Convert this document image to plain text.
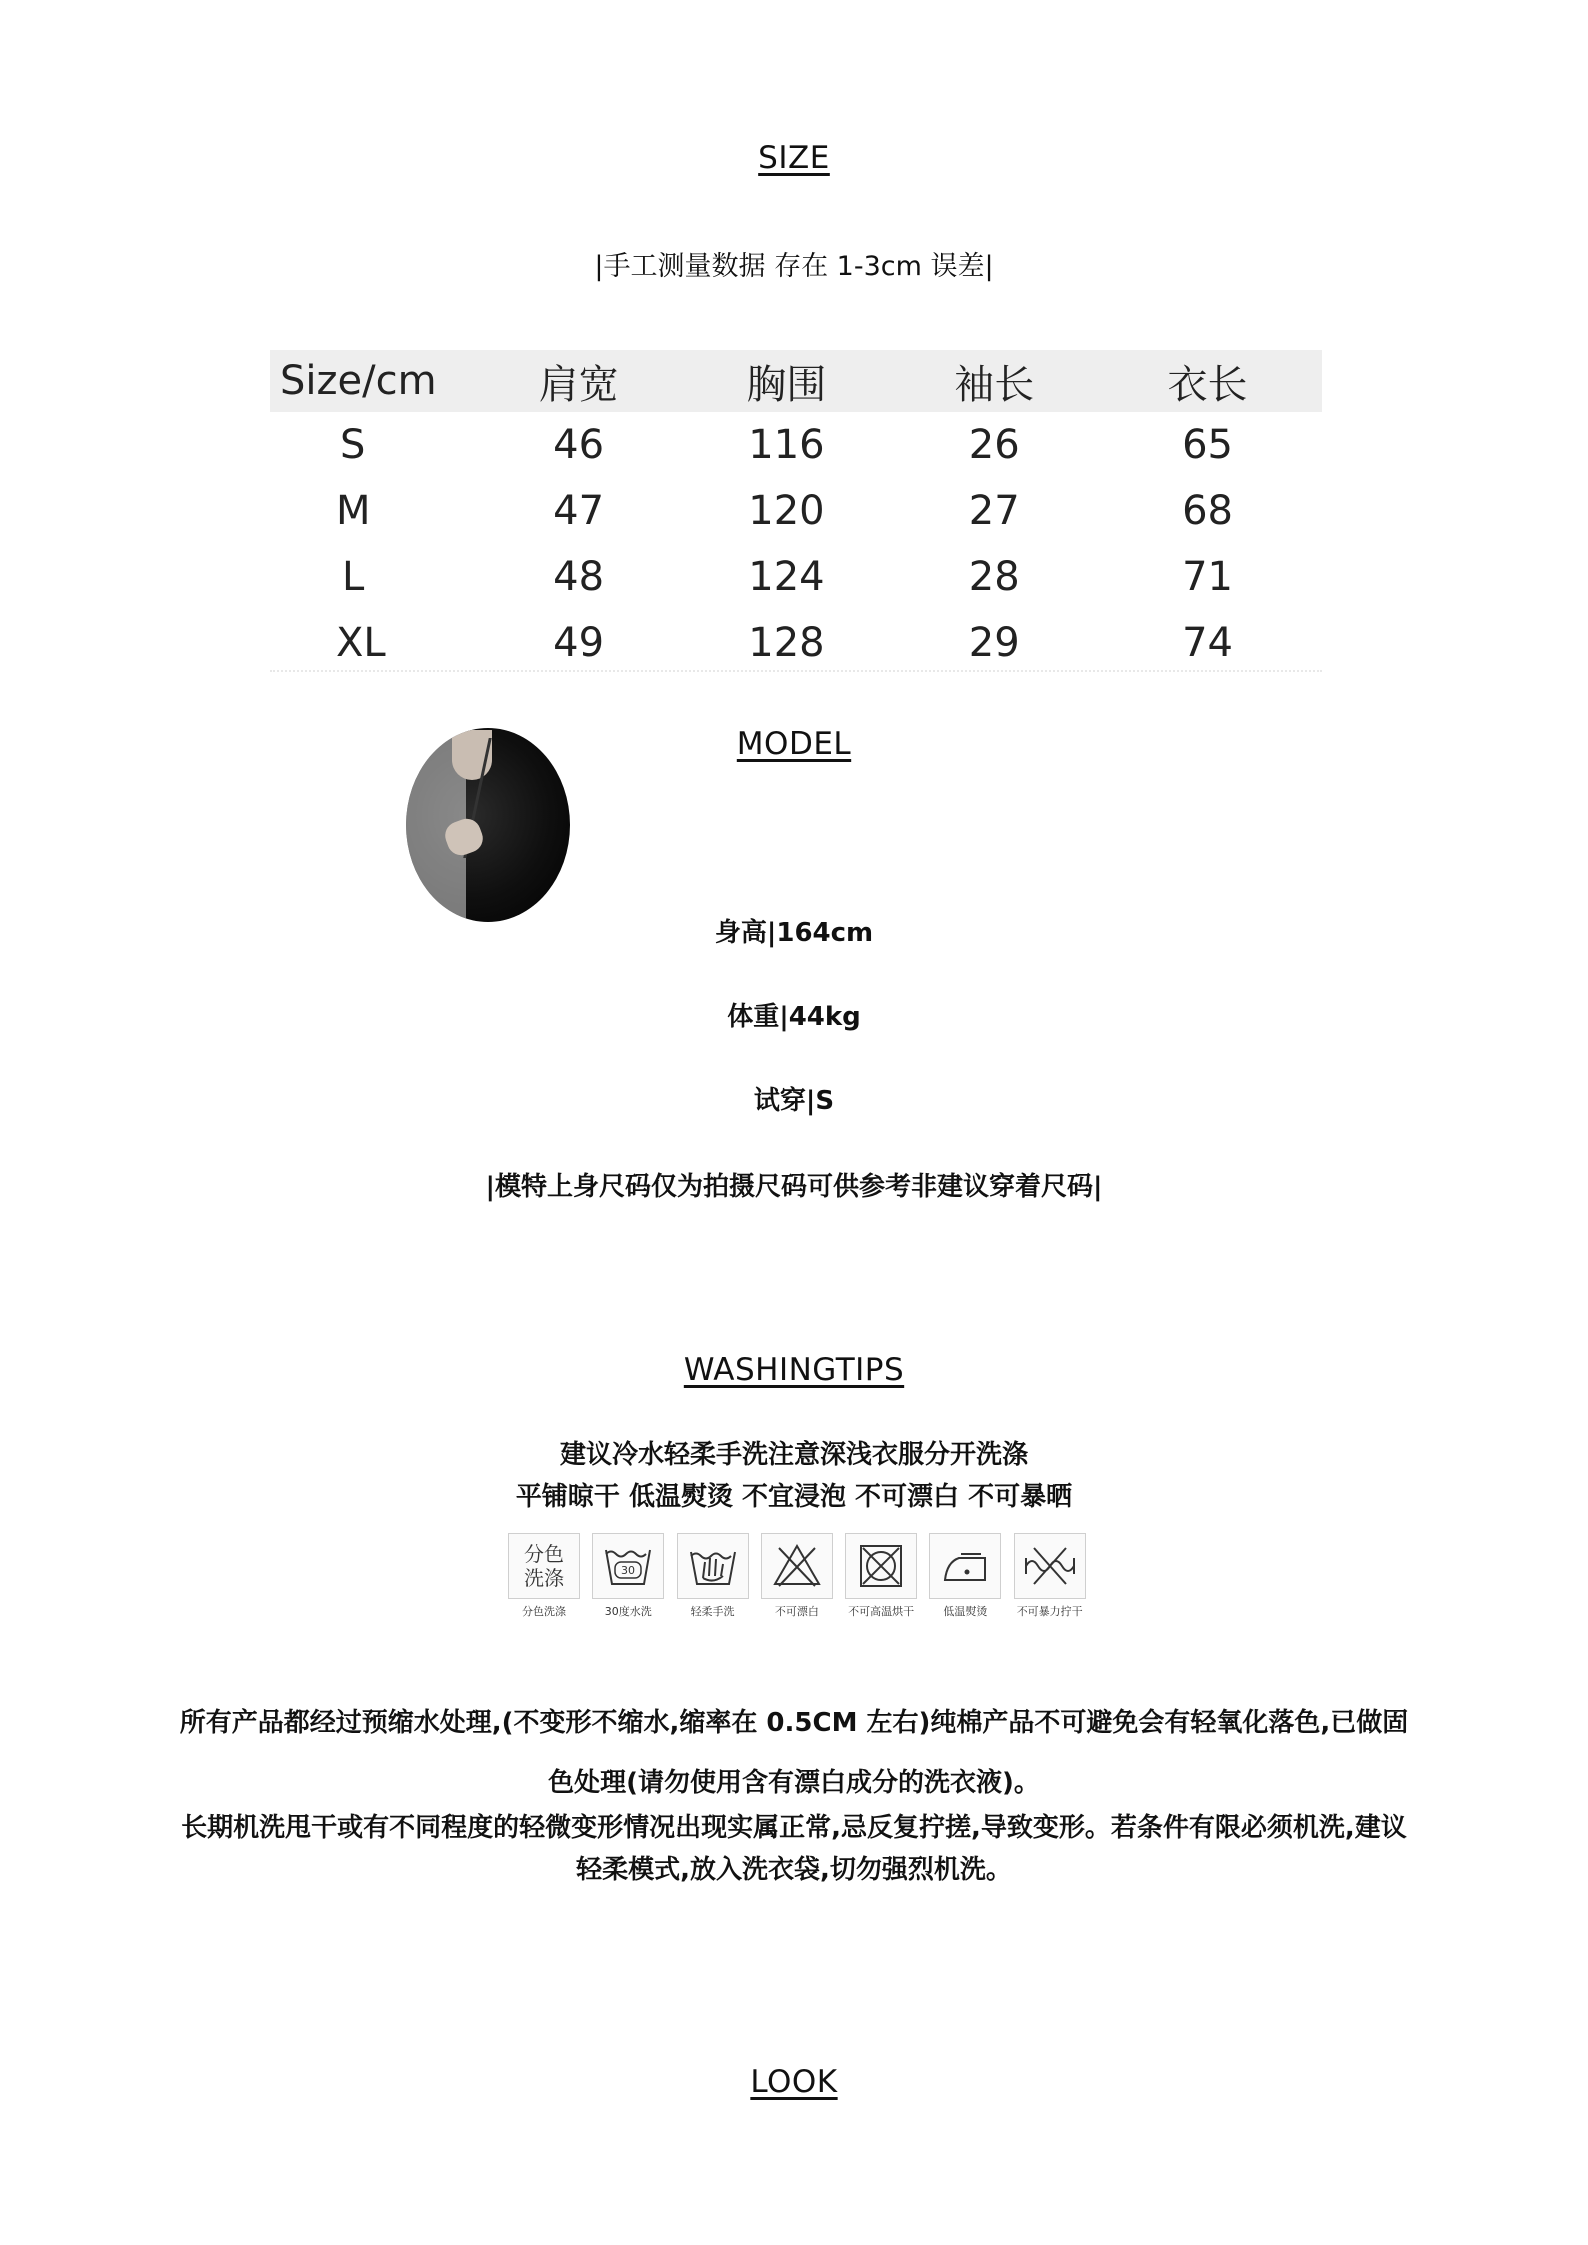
SIZE
|手工测量数据 存在 1-3cm 误差|
Size/cm	肩宽	胸围	袖长	衣长
S	46	116	26	65
M	47	120	27	68
L	48	124	28	71
XL	49	128	29	74
MODEL
身高|164cm
体重|44kg
试穿|S
|模特上身尺码仅为拍摄尺码可供参考非建议穿着尺码|
WASHINGTIPS
建议冷水轻柔手洗注意深浅衣服分开洗涤
平铺晾干 低温熨烫 不宜浸泡 不可漂白 不可暴晒
分色
洗涤
分色洗涤
30
30度水洗	轻柔手洗	不可漂白	不可高温烘干	低温熨烫	不可暴力拧干
所有产品都经过预缩水处理,(不变形不缩水,缩率在 0.5CM 左右)纯棉产品不可避免会有轻氧化落色,已做固
色处理(请勿使用含有漂白成分的洗衣液)。
长期机洗甩干或有不同程度的轻微变形情况出现实属正常,忌反复拧搓,导致变形。若条件有限必须机洗,建议
轻柔模式,放入洗衣袋,切勿强烈机洗。
LOOK
